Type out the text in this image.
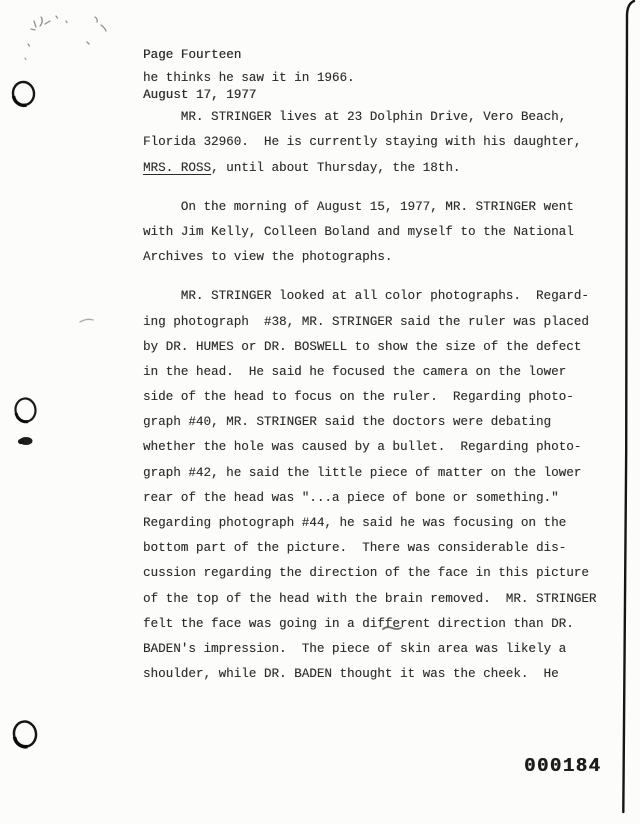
Page Fourteen

August 17, 1977

he thinks he saw it in 1966.
MR. STRINGER lives at 23 Dolphin Drive, Vero Beach,
Florida 32960.  He is currently staying with his daughter,
MRS. ROSS, until about Thursday, the 18th.
On the morning of August 15, 1977, MR. STRINGER went
with Jim Kelly, Colleen Boland and myself to the National
Archives to view the photographs.
MR. STRINGER looked at all color photographs.  Regard-
ing photograph  #38, MR. STRINGER said the ruler was placed
by DR. HUMES or DR. BOSWELL to show the size of the defect
in the head.  He said he focused the camera on the lower
side of the head to focus on the ruler.  Regarding photo-
graph #40, MR. STRINGER said the doctors were debating
whether the hole was caused by a bullet.  Regarding photo-
graph #42, he said the little piece of matter on the lower
rear of the head was "...a piece of bone or something."
Regarding photograph #44, he said he was focusing on the
bottom part of the picture.  There was considerable dis-
cussion regarding the direction of the face in this picture
of the top of the head with the brain removed.  MR. STRINGER
felt the face was going in a different direction than DR.
BADEN's impression.  The piece of skin area was likely a
shoulder, while DR. BADEN thought it was the cheek.  He
000184
